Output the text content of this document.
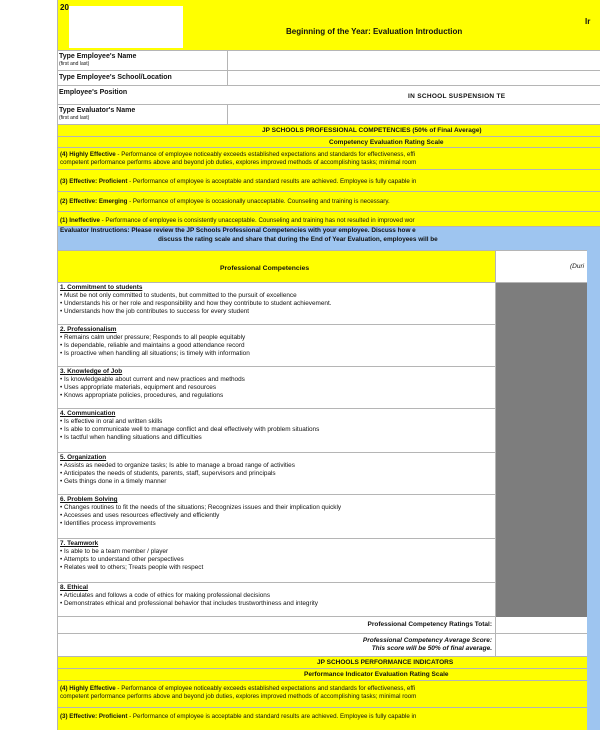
20
Beginning of the Year: Evaluation Introduction
Ir
Type Employee's Name
(first and last)
Type Employee's School/Location
Employee's Position
IN SCHOOL SUSPENSION TE
Type Evaluator's Name
(first and last)
JP SCHOOLS PROFESSIONAL COMPETENCIES (50% of Final Average)
Competency Evaluation Rating Scale
(4) Highly Effective - Performance of employee noticeably exceeds established expectations and standards for effectiveness, effi
competent performance performs above and beyond job duties, explores improved methods of accomplishing tasks; minimal room
(3) Effective: Proficient - Performance of employee is acceptable and standard results are achieved. Employee is fully capable in
(2) Effective: Emerging - Performance of employee is occasionally unacceptable. Counseling and training is necessary.
(1) Ineffective - Performance of employee is consistently unacceptable. Counseling and training has not resulted in improved wor
Evaluator Instructions: Please review the JP Schools Professional Competencies with your employee. Discuss how e
discuss the rating scale and share that during the End of Year Evaluation, employees will be
Professional Competencies	(Duri
1. Commitment to students
• Must be not only committed to students, but committed to the pursuit of excellence
• Understands his or her role and responsibility and how they contribute to student achievement.
• Understands how the job contributes to success for every student
2. Professionalism
• Remains calm under pressure; Responds to all people equitably
• Is dependable, reliable and maintains a good attendance record
• Is proactive when handling all situations; is timely with information
3. Knowledge of Job
• Is knowledgeable about current and new practices and methods
• Uses appropriate materials, equipment and resources
• Knows appropriate policies, procedures, and regulations
4. Communication
• Is effective in oral and written skills
• Is able to communicate well to manage conflict and deal effectively with problem situations
• Is tactful when handling situations and difficulties
5. Organization
• Assists as needed to organize tasks; Is able to manage a broad range of activities
• Anticipates the needs of students, parents, staff, supervisors and principals
• Gets things done in a timely manner
6. Problem Solving
• Changes routines to fit the needs of the situations; Recognizes issues and their implication quickly
• Accesses and uses resources effectively and efficiently
• Identifies process improvements
7. Teamwork
• Is able to be a team member / player
• Attempts to understand other perspectives
• Relates well to others; Treats people with respect
8. Ethical
• Articulates and follows a code of ethics for making professional decisions
• Demonstrates ethical and professional behavior that includes trustworthiness and integrity
Professional Competency Ratings Total:
Professional Competency Average Score:
This score will be 50% of final average.
JP SCHOOLS PERFORMANCE INDICATORS
Performance Indicator Evaluation Rating Scale
(4) Highly Effective - Performance of employee noticeably exceeds established expectations and standards for effectiveness, effi
competent performance performs above and beyond job duties, explores improved methods of accomplishing tasks; minimal room
(3) Effective: Proficient - Performance of employee is acceptable and standard results are achieved. Employee is fully capable in
